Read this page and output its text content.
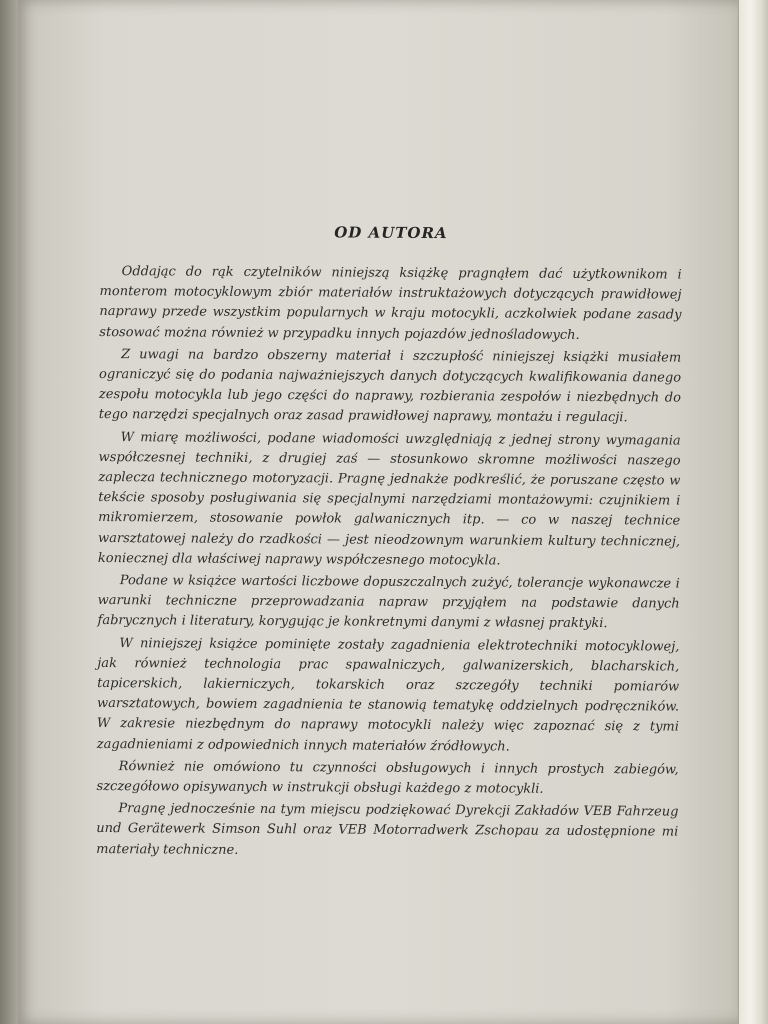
OD AUTORA

Oddając do rąk czytelników niniejszą książkę pragnąłem dać użytkownikom i monterom motocyklowym zbiór materiałów instruktażowych dotyczących prawidłowej naprawy przede wszystkim popularnych w kraju motocykli, aczkolwiek podane zasady stosować można również w przypadku innych pojazdów jednośladowych.

Z uwagi na bardzo obszerny materiał i szczupłość niniejszej książki musiałem ograniczyć się do podania najważniejszych danych dotyczących kwalifikowania danego zespołu motocykla lub jego części do naprawy, rozbierania zespołów i niezbędnych do tego narzędzi specjalnych oraz zasad prawidłowej naprawy, montażu i regulacji.

W miarę możliwości, podane wiadomości uwzględniają z jednej strony wymagania współczesnej techniki, z drugiej zaś — stosunkowo skromne możliwości naszego zaplecza technicznego motoryzacji. Pragnę jednakże podkreślić, że poruszane często w tekście sposoby posługiwania się specjalnymi narzędziami montażowymi: czujnikiem i mikromierzem, stosowanie powłok galwanicznych itp. — co w naszej technice warsztatowej należy do rzadkości — jest nieodzownym warunkiem kultury technicznej, koniecznej dla właściwej naprawy współczesnego motocykla.

Podane w książce wartości liczbowe dopuszczalnych zużyć, tolerancje wykonawcze i warunki techniczne przeprowadzania napraw przyjąłem na podstawie danych fabrycznych i literatury, korygując je konkretnymi danymi z własnej praktyki.

W niniejszej książce pominięte zostały zagadnienia elektrotechniki motocyklowej, jak również technologia prac spawalniczych, galwanizerskich, blacharskich, tapicerskich, lakierniczych, tokarskich oraz szczegóły techniki pomiarów warsztatowych, bowiem zagadnienia te stanowią tematykę oddzielnych podręczników. W zakresie niezbędnym do naprawy motocykli należy więc zapoznać się z tymi zagadnieniami z odpowiednich innych materiałów źródłowych.

Również nie omówiono tu czynności obsługowych i innych prostych zabiegów, szczegółowo opisywanych w instrukcji obsługi każdego z motocykli.

Pragnę jednocześnie na tym miejscu podziękować Dyrekcji Zakładów VEB Fahrzeug und Gerätewerk Simson Suhl oraz VEB Motorradwerk Zschopau za udostępnione mi materiały techniczne.
